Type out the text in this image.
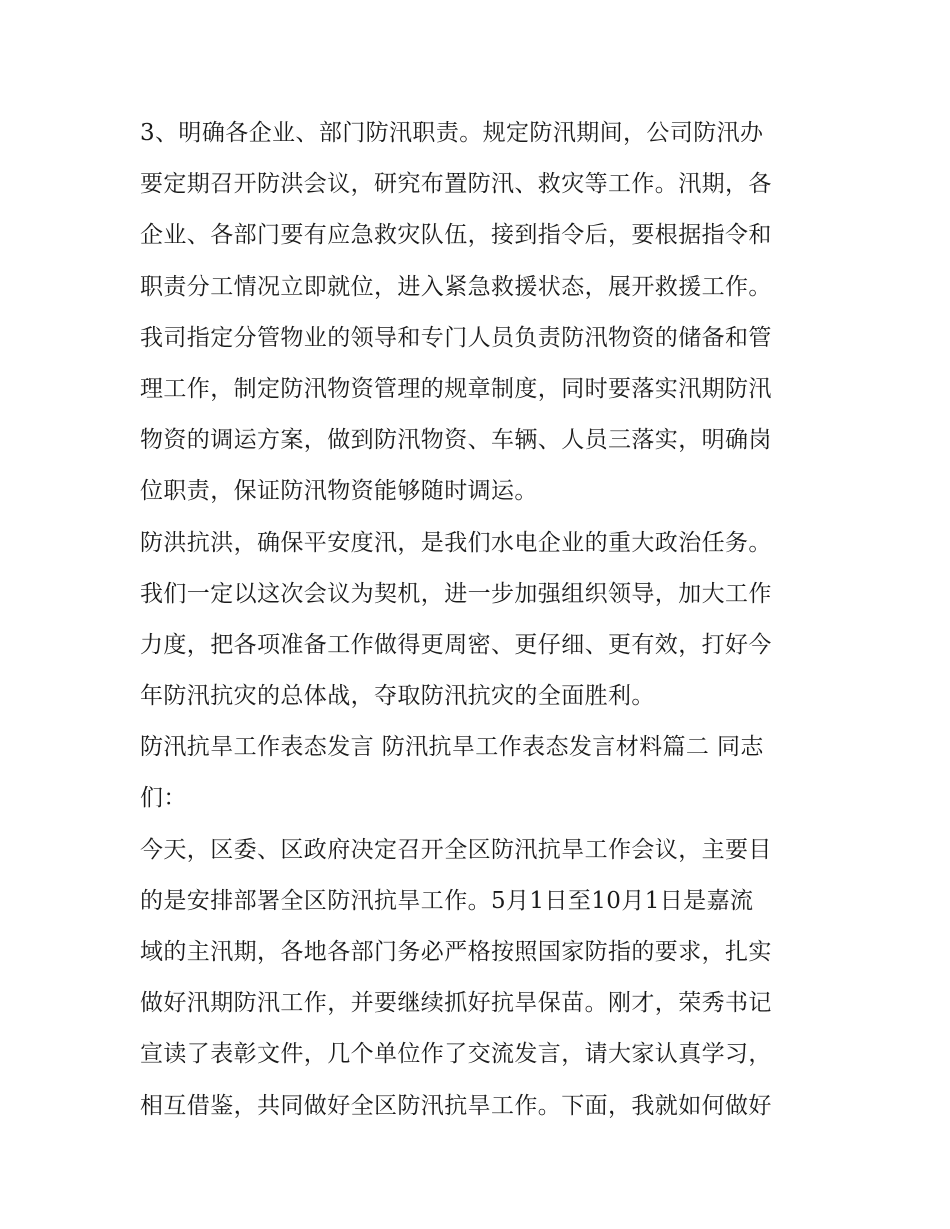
3、明确各企业、部门防汛职责。规定防汛期间，公司防汛办
要定期召开防洪会议，研究布置防汛、救灾等工作。汛期，各
企业、各部门要有应急救灾队伍，接到指令后，要根据指令和
职责分工情况立即就位，进入紧急救援状态，展开救援工作。
我司指定分管物业的领导和专门人员负责防汛物资的储备和管
理工作，制定防汛物资管理的规章制度，同时要落实汛期防汛
物资的调运方案，做到防汛物资、车辆、人员三落实，明确岗
位职责，保证防汛物资能够随时调运。
防洪抗洪，确保平安度汛，是我们水电企业的重大政治任务。
我们一定以这次会议为契机，进一步加强组织领导，加大工作
力度，把各项准备工作做得更周密、更仔细、更有效，打好今
年防汛抗灾的总体战，夺取防汛抗灾的全面胜利。
防汛抗旱工作表态发言 防汛抗旱工作表态发言材料篇二 同志
们：
今天，区委、区政府决定召开全区防汛抗旱工作会议，主要目
的是安排部署全区防汛抗旱工作。5月1日至10月1日是嘉流
域的主汛期，各地各部门务必严格按照国家防指的要求，扎实
做好汛期防汛工作，并要继续抓好抗旱保苗。刚才，荣秀书记
宣读了表彰文件，几个单位作了交流发言，请大家认真学习，
相互借鉴，共同做好全区防汛抗旱工作。下面，我就如何做好
